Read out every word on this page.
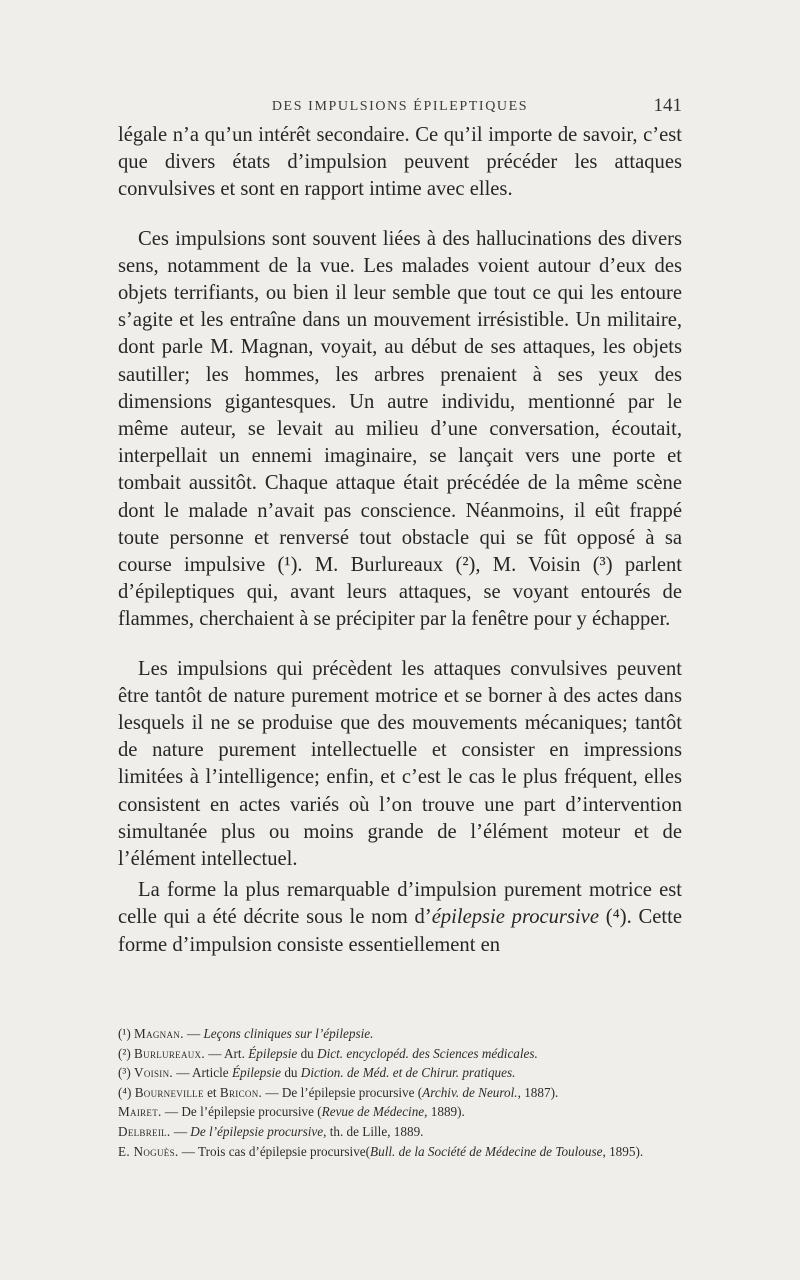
DES IMPULSIONS ÉPILEPTIQUES	141

légale n’a qu’un intérêt secondaire. Ce qu’il importe de savoir, c’est que divers états d’impulsion peuvent précéder les attaques convulsives et sont en rapport intime avec elles.

Ces impulsions sont souvent liées à des hallucinations des divers sens, notamment de la vue. Les malades voient autour d’eux des objets terrifiants, ou bien il leur semble que tout ce qui les entoure s’agite et les entraîne dans un mouvement irrésistible. Un militaire, dont parle M. Magnan, voyait, au début de ses attaques, les objets sautiller; les hommes, les arbres prenaient à ses yeux des dimensions gigantesques. Un autre individu, mentionné par le même auteur, se levait au milieu d’une conversation, écoutait, interpellait un ennemi imaginaire, se lançait vers une porte et tombait aussitôt. Chaque attaque était précédée de la même scène dont le malade n’avait pas conscience. Néanmoins, il eût frappé toute personne et renversé tout obstacle qui se fût opposé à sa course impulsive (¹). M. Burlureaux (²), M. Voisin (³) parlent d’épileptiques qui, avant leurs attaques, se voyant entourés de flammes, cherchaient à se précipiter par la fenêtre pour y échapper.

Les impulsions qui précèdent les attaques convulsives peuvent être tantôt de nature purement motrice et se borner à des actes dans lesquels il ne se produise que des mouvements mécaniques; tantôt de nature purement intellectuelle et consister en impressions limitées à l’intelligence; enfin, et c’est le cas le plus fréquent, elles consistent en actes variés où l’on trouve une part d’intervention simultanée plus ou moins grande de l’élément moteur et de l’élément intellectuel.

La forme la plus remarquable d’impulsion purement motrice est celle qui a été décrite sous le nom d’épilepsie procursive (⁴). Cette forme d’impulsion consiste essentiellement en

(¹) Magnan. — Leçons cliniques sur l’épilepsie.

(²) Burlureaux. — Art. Épilepsie du Dict. encyclopéd. des Sciences médicales.

(³) Voisin. — Article Épilepsie du Diction. de Méd. et de Chirur. pratiques.

(⁴) Bourneville et Bricon. — De l’épilepsie procursive (Archiv. de Neurol., 1887).

Mairet. — De l’épilepsie procursive (Revue de Médecine, 1889).

Delbreil. — De l’épilepsie procursive, th. de Lille, 1889.

E. Noguès. — Trois cas d’épilepsie procursive(Bull. de la Société de Médecine de Toulouse, 1895).
